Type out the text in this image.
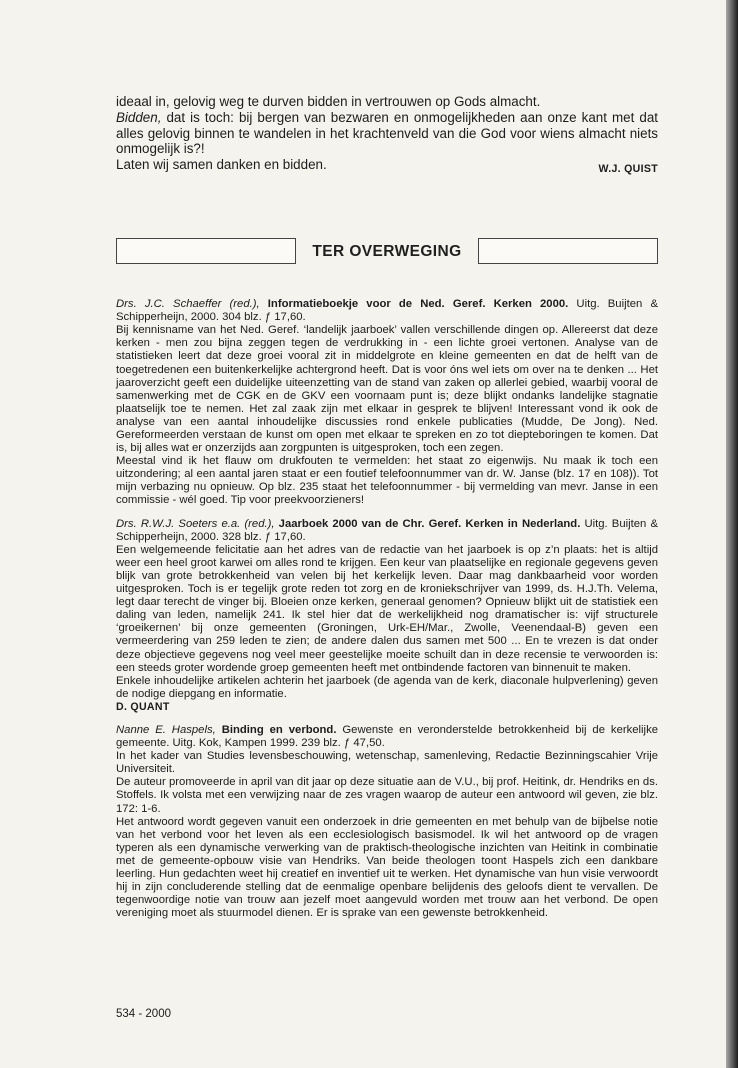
ideaal in, gelovig weg te durven bidden in vertrouwen op Gods almacht.

Bidden, dat is toch: bij bergen van bezwaren en onmogelijkheden aan onze kant met dat alles gelovig binnen te wandelen in het krachtenveld van die God voor wiens almacht niets onmogelijk is?!

Laten wij samen danken en bidden.	W.J. QUIST

TER OVERWEGING

Drs. J.C. Schaeffer (red.), Informatieboekje voor de Ned. Geref. Kerken 2000. Uitg. Buijten & Schipperheijn, 2000. 304 blz. ƒ 17,60.

Bij kennisname van het Ned. Geref. ‘landelijk jaarboek’ vallen verschillende dingen op. Allereerst dat deze kerken - men zou bijna zeggen tegen de verdrukking in - een lichte groei vertonen. Analyse van de statistieken leert dat deze groei vooral zit in middelgrote en kleine gemeenten en dat de helft van de toegetredenen een buitenkerkelijke achtergrond heeft. Dat is voor óns wel iets om over na te denken ... Het jaaroverzicht geeft een duidelijke uiteenzetting van de stand van zaken op allerlei gebied, waarbij vooral de samenwerking met de CGK en de GKV een voornaam punt is; deze blijkt ondanks landelijke stagnatie plaatselijk toe te nemen. Het zal zaak zijn met elkaar in gesprek te blijven! Interessant vond ik ook de analyse van een aantal inhoudelijke discussies rond enkele publicaties (Mudde, De Jong). Ned. Gereformeerden verstaan de kunst om open met elkaar te spreken en zo tot diepteboringen te komen. Dat is, bij alles wat er onzerzijds aan zorgpunten is uitgesproken, toch een zegen.

Meestal vind ik het flauw om drukfouten te vermelden: het staat zo eigenwijs. Nu maak ik toch een uitzondering; al een aantal jaren staat er een foutief telefoonnummer van dr. W. Janse (blz. 17 en 108)). Tot mijn verbazing nu opnieuw. Op blz. 235 staat het telefoonnummer - bij vermelding van mevr. Janse in een commissie - wél goed. Tip voor preekvoorzieners!

Drs. R.W.J. Soeters e.a. (red.), Jaarboek 2000 van de Chr. Geref. Kerken in Nederland. Uitg. Buijten & Schipperheijn, 2000. 328 blz. ƒ 17,60.

Een welgemeende felicitatie aan het adres van de redactie van het jaarboek is op z’n plaats: het is altijd weer een heel groot karwei om alles rond te krijgen. Een keur van plaatselijke en regionale gegevens geven blijk van grote betrokkenheid van velen bij het kerkelijk leven. Daar mag dankbaarheid voor worden uitgesproken. Toch is er tegelijk grote reden tot zorg en de kroniekschrijver van 1999, ds. H.J.Th. Velema, legt daar terecht de vinger bij. Bloeien onze kerken, generaal genomen? Opnieuw blijkt uit de statistiek een daling van leden, namelijk 241. Ik stel hier dat de werkelijkheid nog dramatischer is: vijf structurele ‘groeikernen’ bij onze gemeenten (Groningen, Urk-EH/Mar., Zwolle, Veenendaal-B) geven een vermeerdering van 259 leden te zien; de andere dalen dus samen met 500 ... En te vrezen is dat onder deze objectieve gegevens nog veel meer geestelijke moeite schuilt dan in deze recensie te verwoorden is: een steeds groter wordende groep gemeenten heeft met ontbindende factoren van binnenuit te maken.

Enkele inhoudelijke artikelen achterin het jaarboek (de agenda van de kerk, diaconale hulpverlening) geven de nodige diepgang en informatie.

D. QUANT

Nanne E. Haspels, Binding en verbond. Gewenste en veronderstelde betrokkenheid bij de kerkelijke gemeente. Uitg. Kok, Kampen 1999. 239 blz. ƒ 47,50.

In het kader van Studies levensbeschouwing, wetenschap, samenleving, Redactie Bezinningscahier Vrije Universiteit.

De auteur promoveerde in april van dit jaar op deze situatie aan de V.U., bij prof. Heitink, dr. Hendriks en ds. Stoffels. Ik volsta met een verwijzing naar de zes vragen waarop de auteur een antwoord wil geven, zie blz. 172: 1-6.

Het antwoord wordt gegeven vanuit een onderzoek in drie gemeenten en met behulp van de bijbelse notie van het verbond voor het leven als een ecclesiologisch basismodel. Ik wil het antwoord op de vragen typeren als een dynamische verwerking van de praktisch-theologische inzichten van Heitink in combinatie met de gemeente-opbouw visie van Hendriks. Van beide theologen toont Haspels zich een dankbare leerling. Hun gedachten weet hij creatief en inventief uit te werken. Het dynamische van hun visie verwoordt hij in zijn concluderende stelling dat de eenmalige openbare belijdenis des geloofs dient te vervallen. De tegenwoordige notie van trouw aan jezelf moet aangevuld worden met trouw aan het verbond. De open vereniging moet als stuurmodel dienen. Er is sprake van een gewenste betrokkenheid.

534 - 2000
